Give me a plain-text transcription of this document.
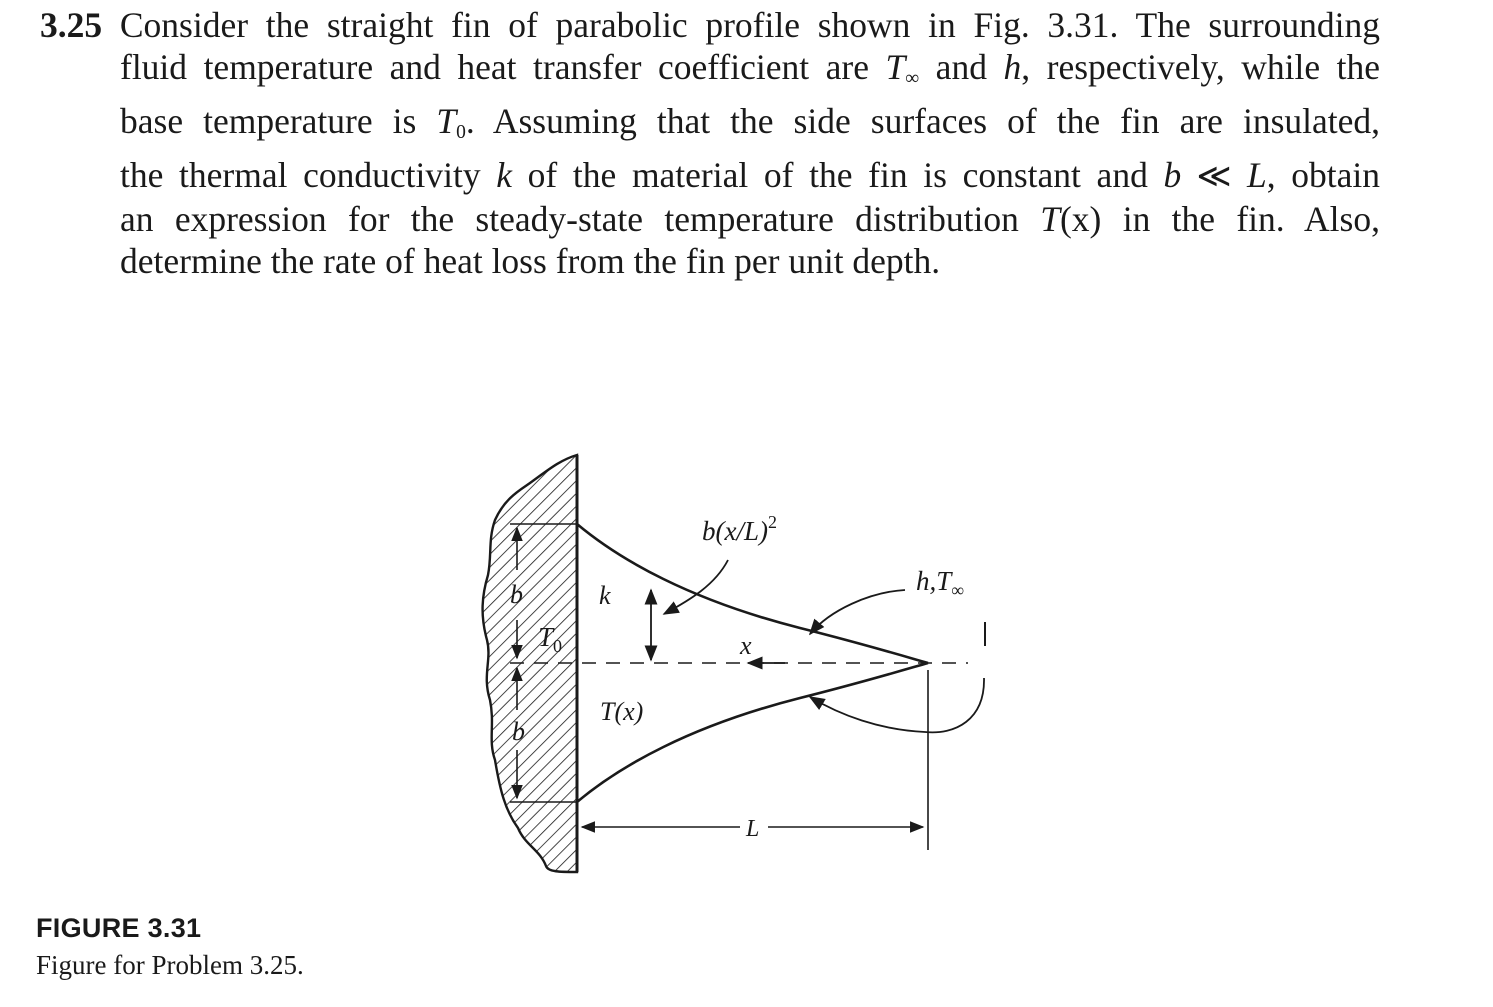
3.25 Consider the straight fin of parabolic profile shown in Fig. 3.31. The surrounding
fluid temperature and heat transfer coefficient are $T_\infty$ and h, respectively, while the
base temperature is $T_0$. Assuming that the side surfaces of the fin are insulated,
the thermal conductivity k of the material of the fin is constant and b ≪ L, obtain
an expression for the steady-state temperature distribution T(x) in the fin. Also,
determine the rate of heat loss from the fin per unit depth.
$b(x/L)^2$
$h,T_\infty$
b
b
$T_0$
k
x
T(x)
L
FIGURE 3.31
Figure for Problem 3.25.
